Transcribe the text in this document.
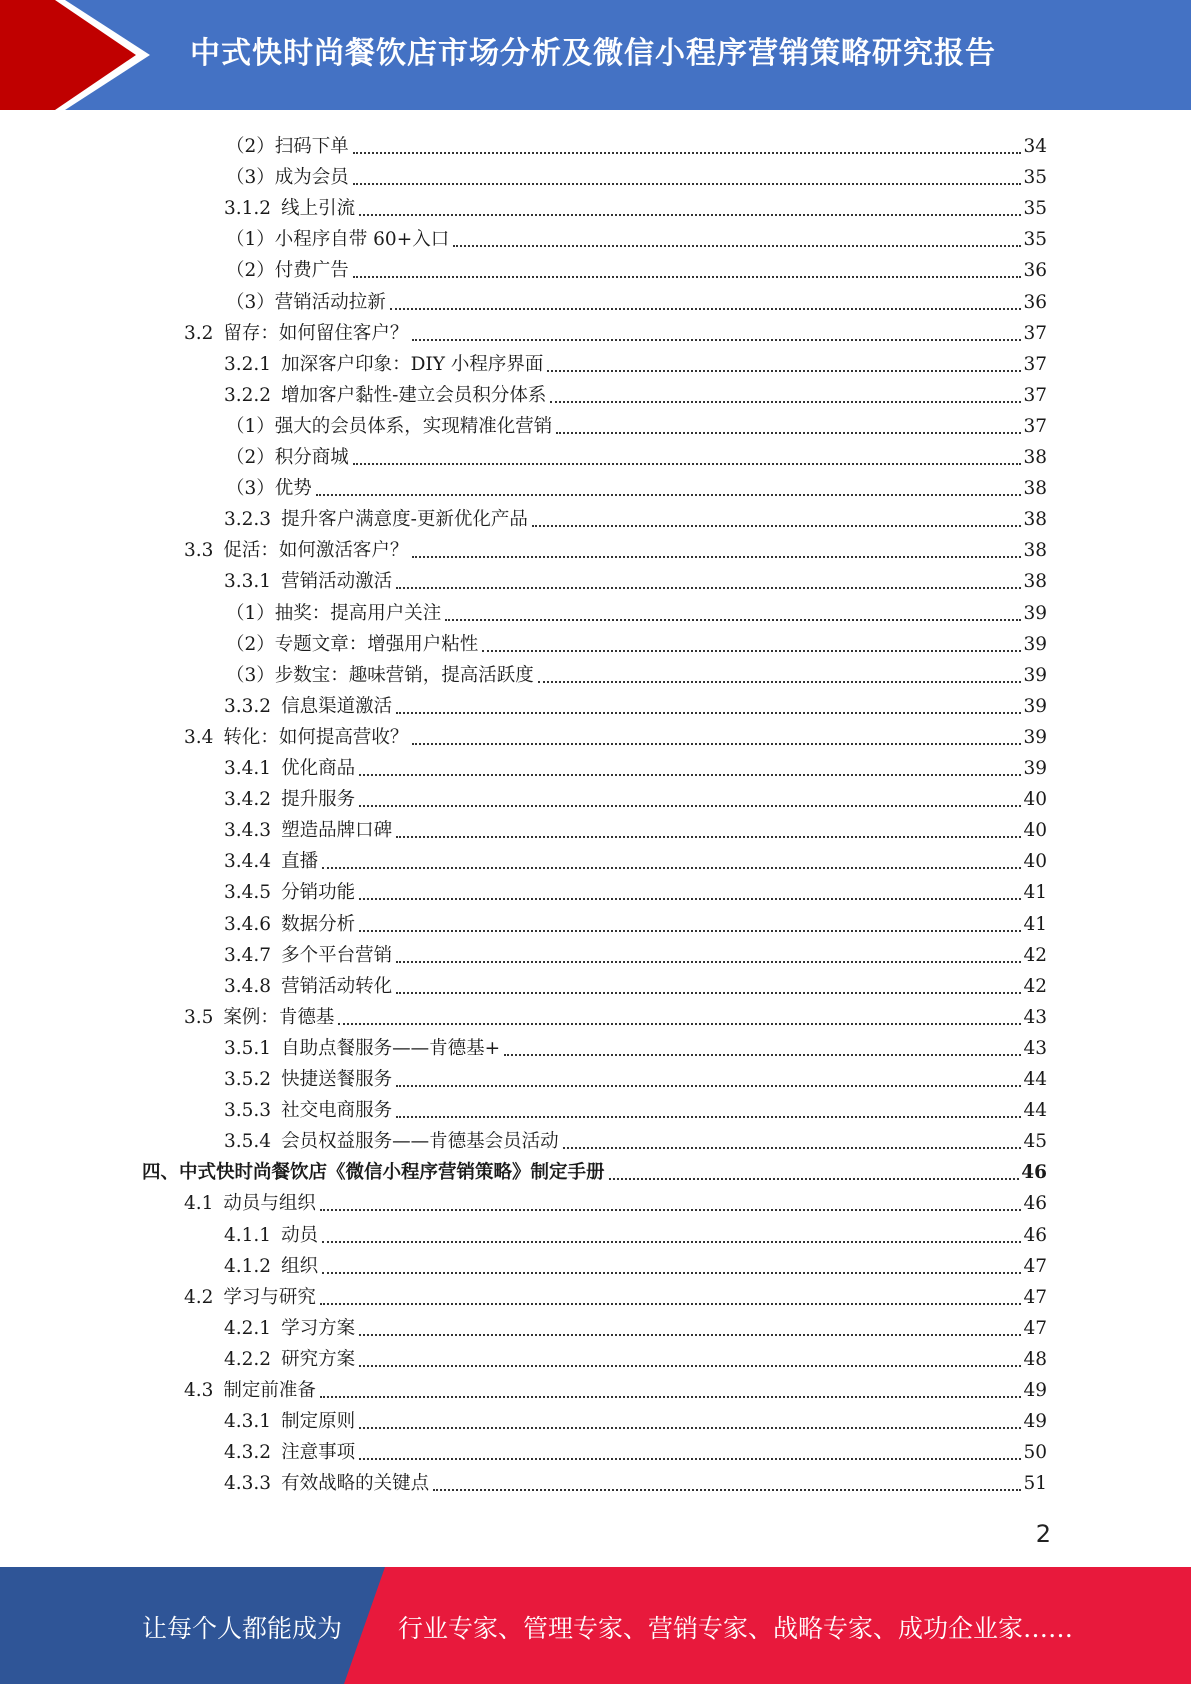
中式快时尚餐饮店市场分析及微信小程序营销策略研究报告
（2） 扫码下单	34
（3） 成为会员	35
3.1.2 线上引流	35
（1） 小程序自带 60+入口	35
（2） 付费广告	36
（3） 营销活动拉新	36
3.2 留存：如何留住客户？	37
3.2.1 加深客户印象：DIY 小程序界面	37
3.2.2 增加客户黏性-建立会员积分体系	37
（1） 强大的会员体系，实现精准化营销	37
（2） 积分商城	38
（3） 优势	38
3.2.3 提升客户满意度-更新优化产品	38
3.3 促活：如何激活客户？	38
3.3.1 营销活动激活	38
（1） 抽奖：提高用户关注	39
（2） 专题文章：增强用户粘性	39
（3） 步数宝：趣味营销，提高活跃度	39
3.3.2 信息渠道激活	39
3.4 转化：如何提高营收？	39
3.4.1 优化商品	39
3.4.2 提升服务	40
3.4.3 塑造品牌口碑	40
3.4.4 直播	40
3.4.5 分销功能	41
3.4.6 数据分析	41
3.4.7 多个平台营销	42
3.4.8 营销活动转化	42
3.5 案例：肯德基	43
3.5.1 自助点餐服务——肯德基+	43
3.5.2 快捷送餐服务	44
3.5.3 社交电商服务	44
3.5.4 会员权益服务——肯德基会员活动	45
四、 中式快时尚餐饮店《微信小程序营销策略》制定手册	46
4.1 动员与组织	46
4.1.1 动员	46
4.1.2 组织	47
4.2 学习与研究	47
4.2.1 学习方案	47
4.2.2 研究方案	48
4.3 制定前准备	49
4.3.1 制定原则	49
4.3.2 注意事项	50
4.3.3 有效战略的关键点	51
2
让每个人都能成为 行业专家、管理专家、营销专家、战略专家、成功企业家……
